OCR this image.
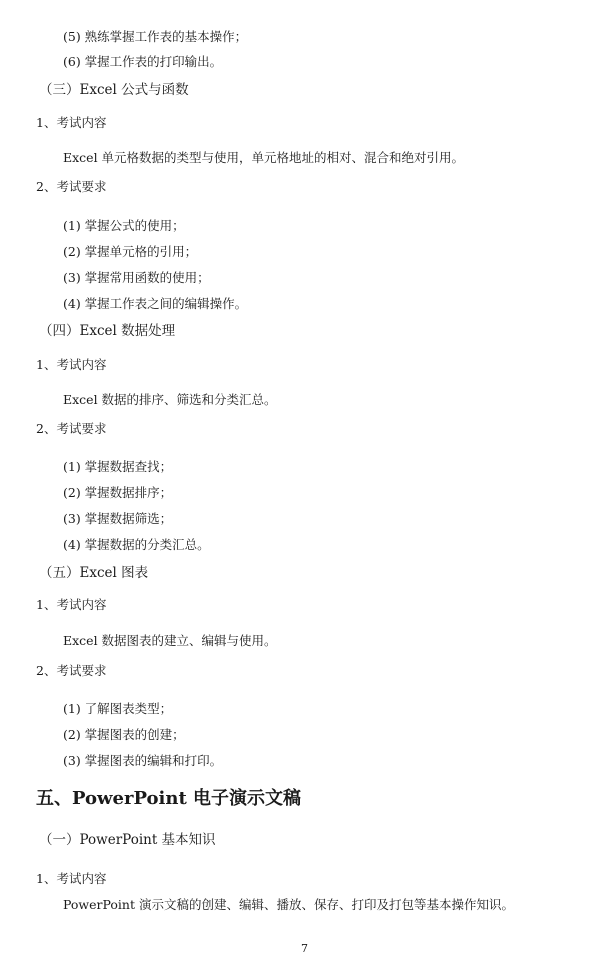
(5) 熟练掌握工作表的基本操作；
(6) 掌握工作表的打印输出。
（三）Excel 公式与函数
1、考试内容
Excel 单元格数据的类型与使用，单元格地址的相对、混合和绝对引用。
2、考试要求
(1) 掌握公式的使用；
(2) 掌握单元格的引用；
(3) 掌握常用函数的使用；
(4) 掌握工作表之间的编辑操作。
（四）Excel 数据处理
1、考试内容
Excel 数据的排序、筛选和分类汇总。
2、考试要求
(1) 掌握数据查找；
(2) 掌握数据排序；
(3) 掌握数据筛选；
(4) 掌握数据的分类汇总。
（五）Excel 图表
1、考试内容
Excel 数据图表的建立、编辑与使用。
2、考试要求
(1) 了解图表类型；
(2) 掌握图表的创建；
(3) 掌握图表的编辑和打印。
五、PowerPoint 电子演示文稿
（一）PowerPoint 基本知识
1、考试内容
PowerPoint 演示文稿的创建、编辑、播放、保存、打印及打包等基本操作知识。
7
